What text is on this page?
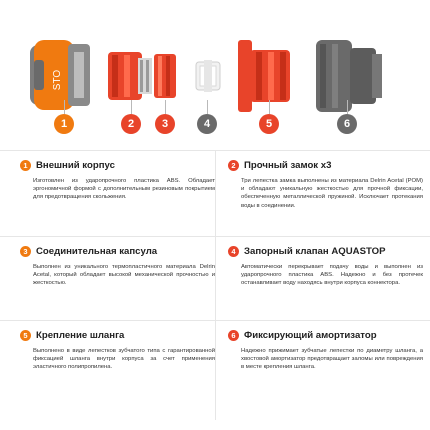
STO
1	2	3	4	5	6
1 Внешний корпус
Изготовлен из ударопрочного пластика ABS. Обладает эргономичной формой с дополнительным резиновым покрытием для предотвращения скольжения.
2 Прочный замок х3
Три лепестка замка выполнены из материала Delrin Acetal (POM) и обладают уникальную жесткостью для прочной фиксации, обеспеченную металлической пружиной. Исключает протекания воды в соединении.
3 Соединительная капсула
Выполнен из уникального термопластичного материала Delrin Acetal, который обладает высокой механической прочностью и жесткостью.
4 Запорный клапан AQUASTOP
Автоматически перекрывает подачу воды и выполнен из ударопрочного пластика ABS. Надежно и без протечек останавливает воду находясь внутри корпуса коннектора.
5 Крепление шланга
Выполнено в виде лепестков зубчатого типа с гарантированной фиксацией шланга внутри корпуса за счет применения эластичного полипропилена.
6 Фиксирующий амортизатор
Надежно прижимает зубчатые лепестки по диаметру шланга, а хвостовой амортизатор предотвращает заломы или повреждения в месте крепления шланга.
